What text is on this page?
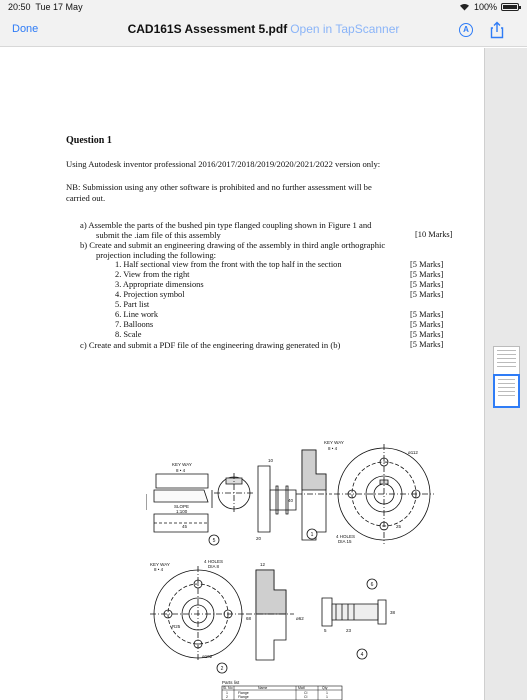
20:50 Tue 17 May	100%
Done	CAD161S Assessment 5.pdf Open in TapScanner	A
Question 1
Using Autodesk inventor professional 2016/2017/2018/2019/2020/2021/2022 version only:
NB: Submission using any other software is prohibited and no further assessment will be
carried out.
a) Assemble the parts of the bushed pin type flanged coupling shown in Figure 1 and
submit the .iam file of this assembly	[10 Marks]
b) Create and submit an engineering drawing of the assembly in third angle orthographic
projection including the following:
1. Half sectional view from the front with the top half in the section	[5 Marks]
2. View from the right	[5 Marks]
3. Appropriate dimensions	[5 Marks]
4. Projection symbol	[5 Marks]
5. Part list
6. Line work	[5 Marks]
7. Balloons	[5 Marks]
8. Scale	[5 Marks]
c) Create and submit a PDF file of the engineering drawing generated in (b)	[5 Marks]
5
1
2
4
6
KEY WAY
8 • 4
ø112
KEY WAY
8 • 4
SLOPE
1:100
4 HOLES
DIA 15
4 HOLES
DIA 8
KEY WAY
8 • 4
ø102
R25
25
45
20
10
12
23
5
40
ø62
68
38
Parts list
Sl. No	Name	Matl	Qty
1	Flange	CI	1
2	Flange	CI	1
